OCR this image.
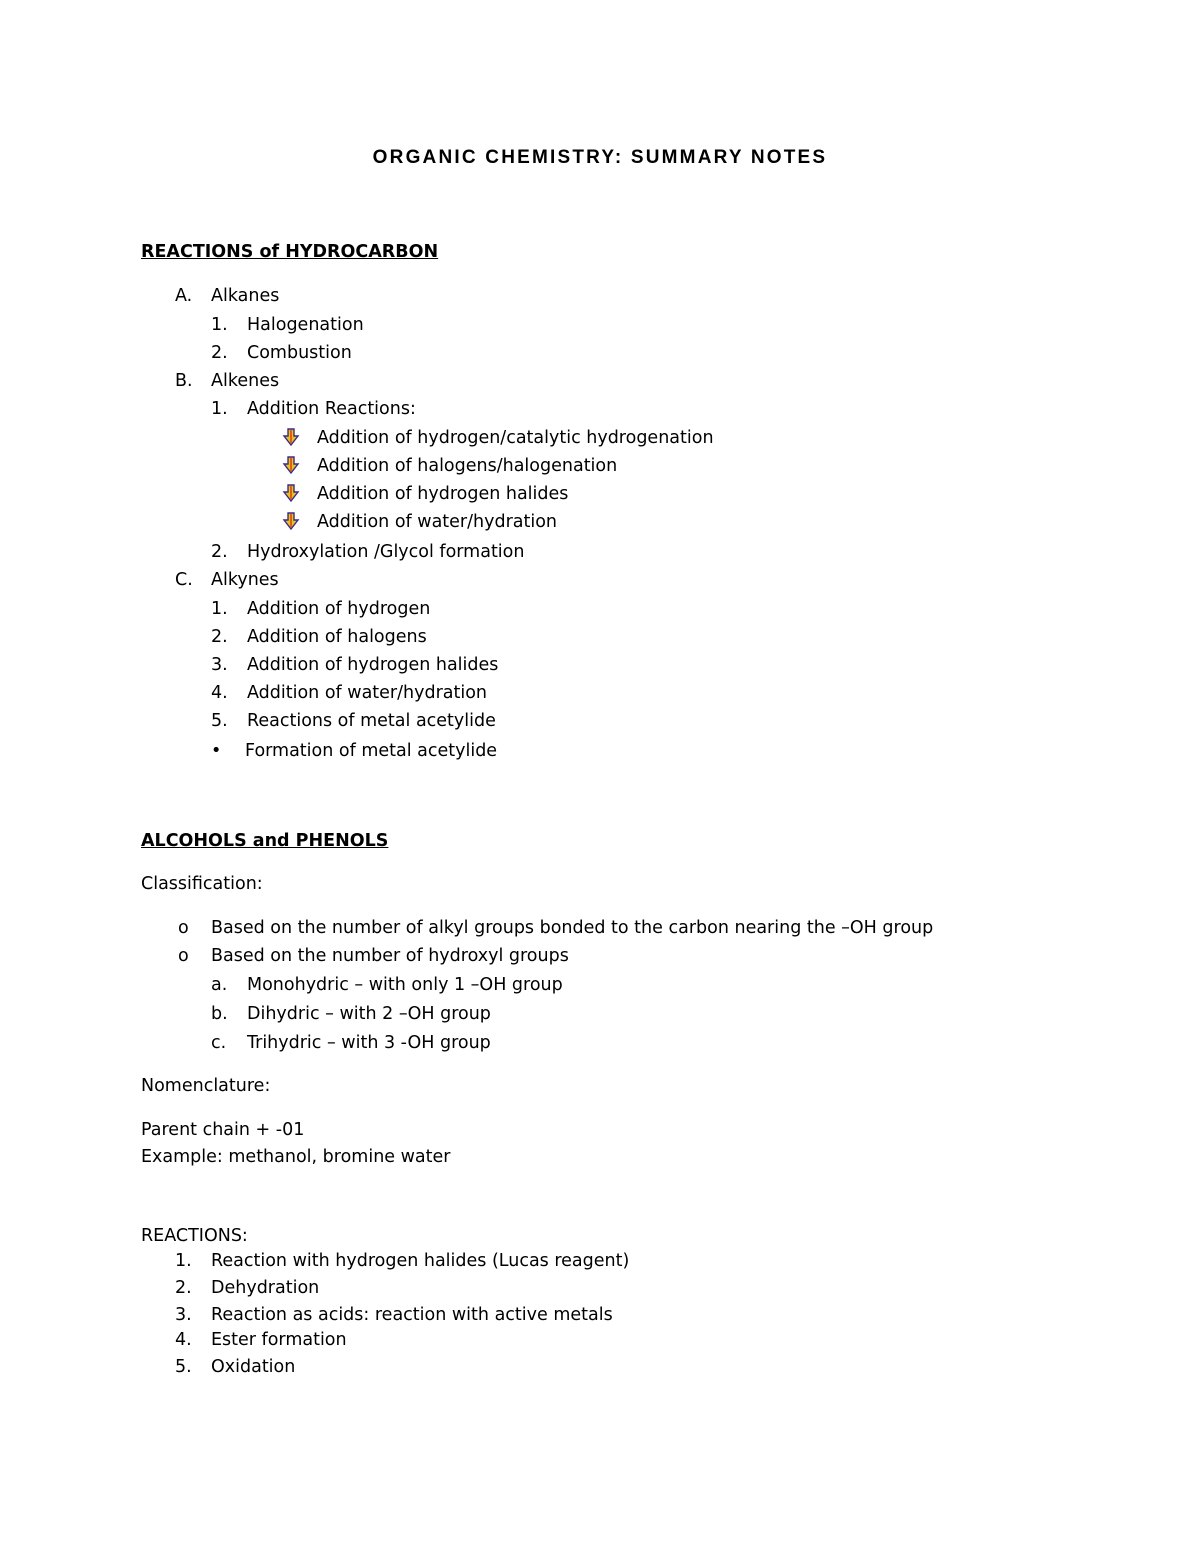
ORGANIC CHEMISTRY: SUMMARY NOTES
REACTIONS of HYDROCARBON
A. Alkanes
1. Halogenation
2. Combustion
B. Alkenes
1. Addition Reactions:
Addition of hydrogen/catalytic hydrogenation
Addition of halogens/halogenation
Addition of hydrogen halides
Addition of water/hydration
2. Hydroxylation /Glycol formation
C. Alkynes
1. Addition of hydrogen
2. Addition of halogens
3. Addition of hydrogen halides
4. Addition of water/hydration
5. Reactions of metal acetylide
• Formation of metal acetylide
ALCOHOLS and PHENOLS
Classification:
o Based on the number of alkyl groups bonded to the carbon nearing the –OH group
o Based on the number of hydroxyl groups
a. Monohydric – with only 1 –OH group
b. Dihydric – with 2 –OH group
c. Trihydric – with 3 -OH group
Nomenclature:
Parent chain + -01
Example: methanol, bromine water
REACTIONS:
1. Reaction with hydrogen halides (Lucas reagent)
2. Dehydration
3. Reaction as acids: reaction with active metals
4. Ester formation
5. Oxidation
